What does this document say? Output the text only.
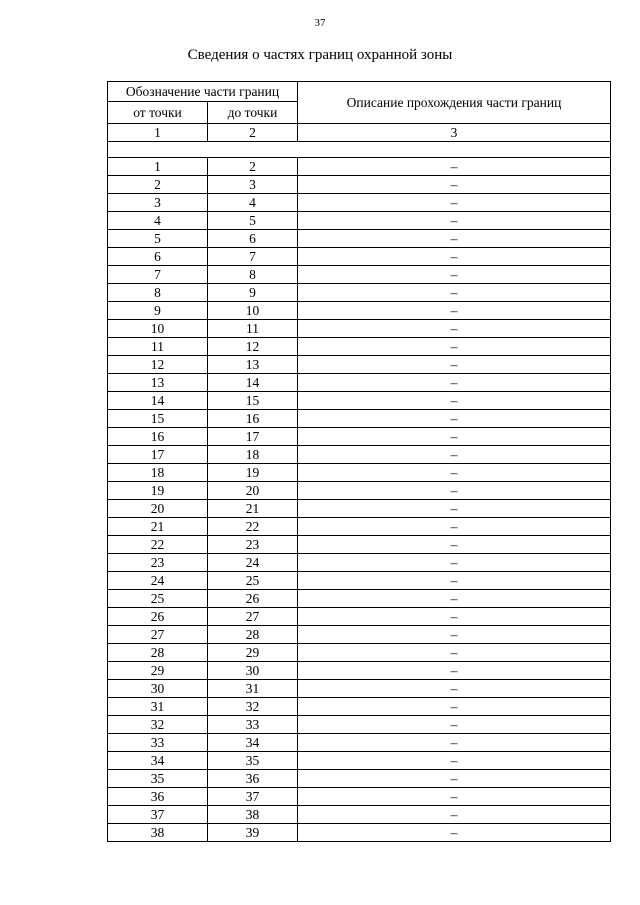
37
Сведения о частях границ охранной зоны
Обозначение части границ		Описание прохождения части границ
от точки	до точки	
1	2	3

1	2	–
2	3	–
3	4	–
4	5	–
5	6	–
6	7	–
7	8	–
8	9	–
9	10	–
10	11	–
11	12	–
12	13	–
13	14	–
14	15	–
15	16	–
16	17	–
17	18	–
18	19	–
19	20	–
20	21	–
21	22	–
22	23	–
23	24	–
24	25	–
25	26	–
26	27	–
27	28	–
28	29	–
29	30	–
30	31	–
31	32	–
32	33	–
33	34	–
34	35	–
35	36	–
36	37	–
37	38	–
38	39	–
